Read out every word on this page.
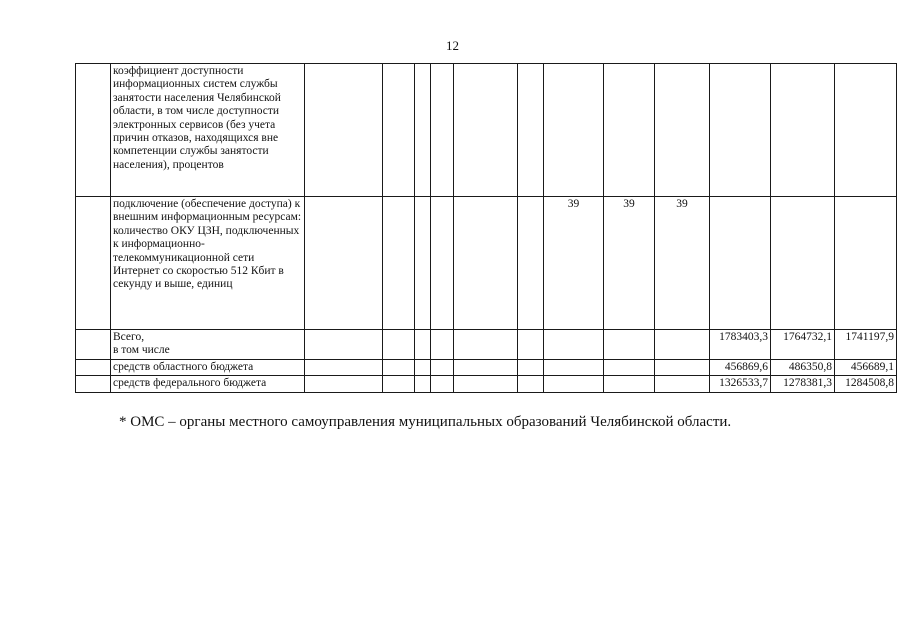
12
	коэффициент доступности информационных систем службы занятости населения Челябинской области, в том числе доступности электронных сервисов (без учета причин отказов, находящихся вне компетенции службы занятости населения), процентов												
	подключение (обеспечение доступа) к внешним информационным ресурсам: количество ОКУ ЦЗН, подключенных к информационно-телекоммуникационной сети Интернет со скоростью 512 Кбит в секунду и выше, единиц							39	39	39			
	Всего,
в том числе										1783403,3	1764732,1	1741197,9
	средств областного бюджета										456869,6	486350,8	456689,1
	средств федерального бюджета										1326533,7	1278381,3	1284508,8
* ОМС – органы местного самоуправления муниципальных образований Челябинской области.
